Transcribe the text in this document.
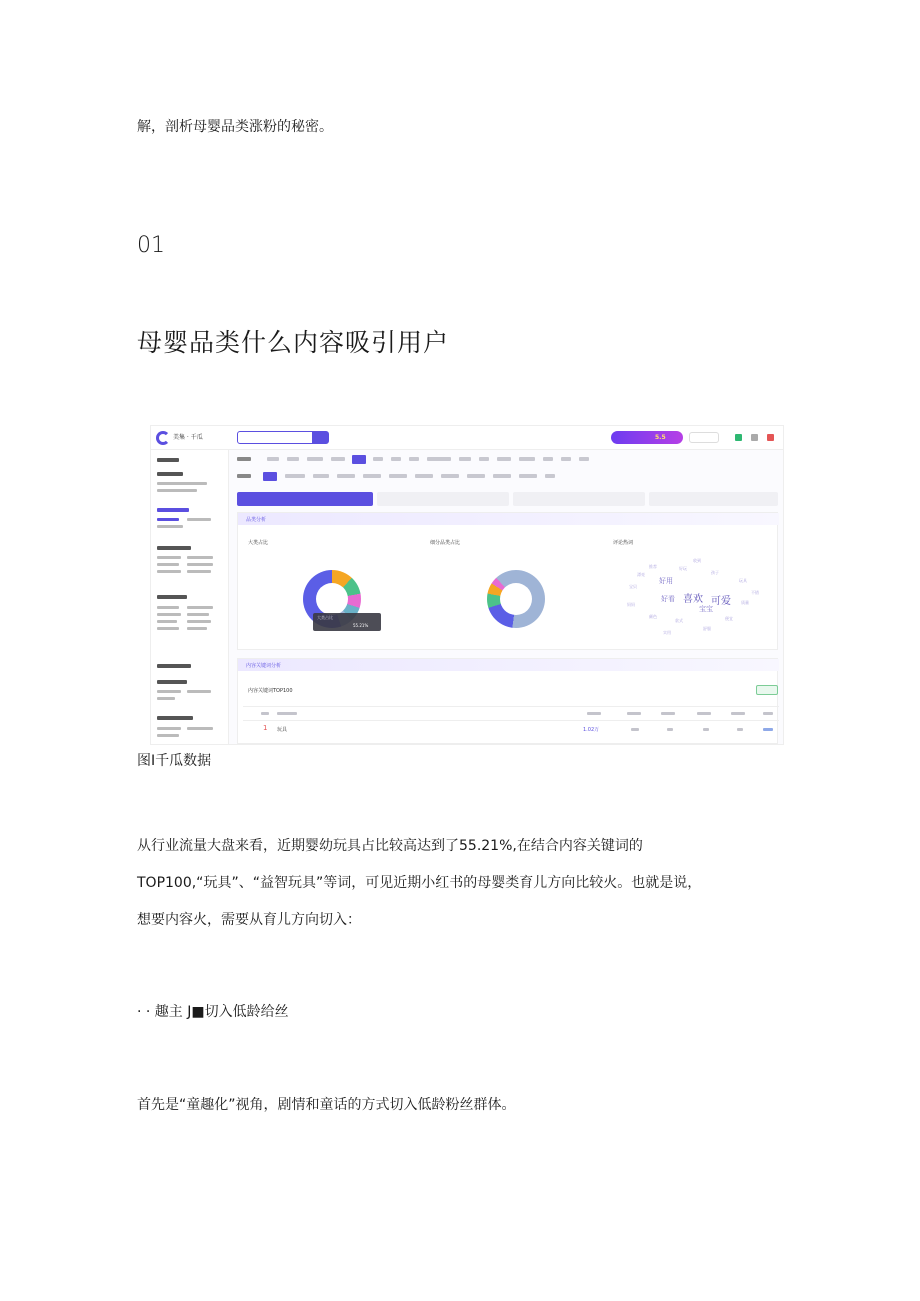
解，剖析母婴品类涨粉的秘密。

01

母婴品类什么内容吸引用户

美集 · 千瓜	5.5
品类分析
大类占比	细分品类占比	评论热词
大类占比
55.21%
喜欢 可爱
宝宝
好看
好用
推荐	好玩
孩子
玩具
宝贝
妈妈	质量
颜色
款式	便宜
收到
不错
漂亮
舒服
实用
内容关键词分析
内容关键词TOP100
1 玩具	1.02万

图I千瓜数据

从行业流量大盘来看，近期婴幼玩具占比较高达到了55.21%,在结合内容关键词的

TOP100,“玩具”、“益智玩具”等词，可见近期小红书的母婴类育儿方向比较火。也就是说，

想要内容火，需要从育儿方向切入：

· · 趣主 J■切入低龄给丝

首先是“童趣化”视角，剧情和童话的方式切入低龄粉丝群体。
